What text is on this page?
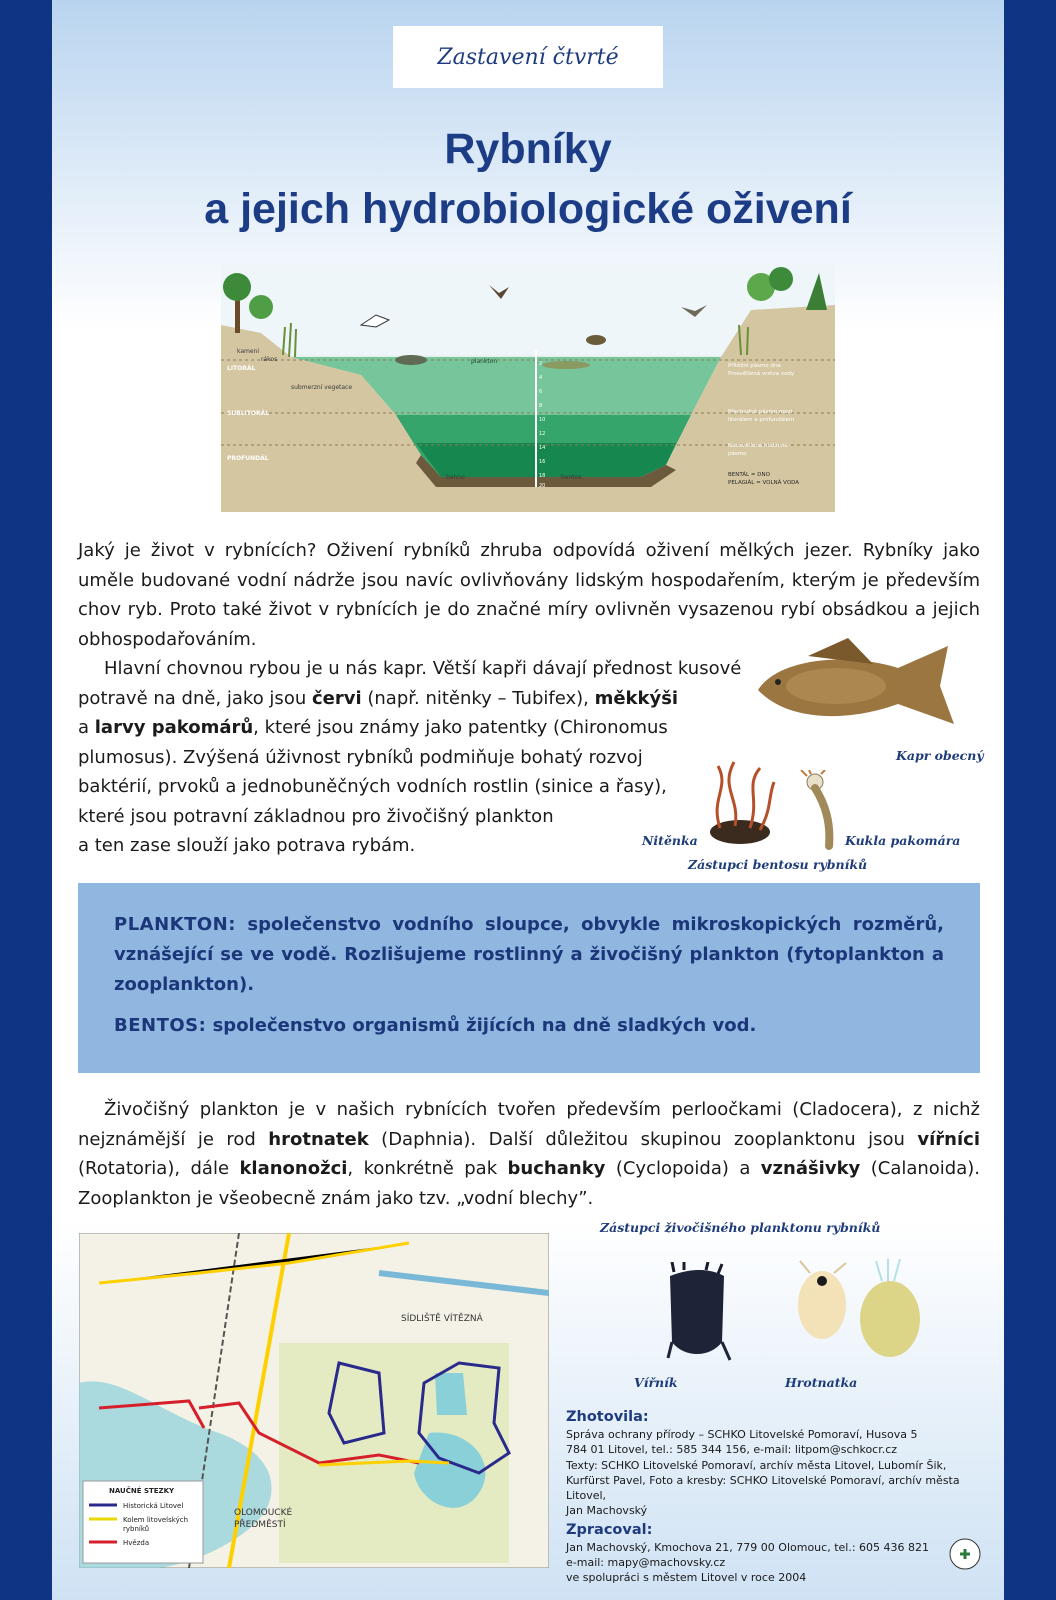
Zastavení čtvrté
Rybníky
a jejich hydrobiologické oživení
2
4
6
8
10
12
14
16
18
20
LITORÁL
SUBLITORÁL
PROFUNDÁL
kameni
rákos
submerzní vegetace
plankton
bahno	bentos
Přítěžní pásmo dna
Prosvětlená vrstva vody
Přechodné pásmo mezi
litorálem a profundálem
Neosvětlené hlubinné
pásmo
BENTÁL = DNO
PELAGIÁL = VOLNÁ VODA
Jaký je život v rybnících? Oživení rybníků zhruba odpovídá oživení mělkých jezer. Rybníky jako uměle budované vodní nádrže jsou navíc ovlivňovány lidským hospodařením, kterým je především chov ryb. Proto také život v rybnících je do značné míry ovlivněn vysazenou rybí obsádkou a jejich obhospodařováním.
Hlavní chovnou rybou je u nás kapr. Větší kapři dávají přednost kusové
potravě na dně, jako jsou červi (např. nitěnky – Tubifex), měkkýši
a larvy pakomárů, které jsou známy jako patentky (Chironomus
plumosus). Zvýšená úživnost rybníků podmiňuje bohatý rozvoj
baktérií, prvoků a jednobuněčných vodních rostlin (sinice a řasy),
které jsou potravní základnou pro živočišný plankton
a ten zase slouží jako potrava rybám.
Kapr obecný
Nitěnka	Kukla pakomára
Zástupci bentosu rybníků
PLANKTON: společenstvo vodního sloupce, obvykle mikroskopických rozměrů, vznášející se ve vodě. Rozlišujeme rostlinný a živočišný plankton (fytoplankton a zooplankton).
BENTOS: společenstvo organismů žijících na dně sladkých vod.
Živočišný plankton je v našich rybnících tvořen především perloočkami (Cladocera), z nichž nejznámější je rod hrotnatek (Daphnia). Další důležitou skupinou zooplanktonu jsou vířníci (Rotatoria), dále klanonožci, konkrétně pak buchanky (Cyclopoida) a vznášivky (Calanoida). Zooplankton je všeobecně znám jako tzv. „vodní blechy”.
Zástupci živočišného planktonu rybníků
Vířník	Hrotnatka
SÍDLIŠTĚ VÍTĚZNÁ
OLOMOUCKÉ
PŘEDMĚSTÍ
NAUČNÉ STEZKY
Historická Litovel
Kolem litovelských
rybníků
Hvězda

Zhotovila:

Správa ochrany přírody – SCHKO Litovelské Pomoraví, Husova 5

784 01 Litovel, tel.: 585 344 156, e-mail: litpom@schkocr.cz

Texty: SCHKO Litovelské Pomoraví, archív města Litovel, Lubomír Šik,

Kurfürst Pavel, Foto a kresby: SCHKO Litovelské Pomoraví, archív města Litovel,

Jan Machovský

Zpracoval:

Jan Machovský, Kmochova 21, 779 00 Olomouc, tel.: 605 436 821

e-mail: mapy@machovsky.cz

ve spolupráci s městem Litovel v roce 2004
